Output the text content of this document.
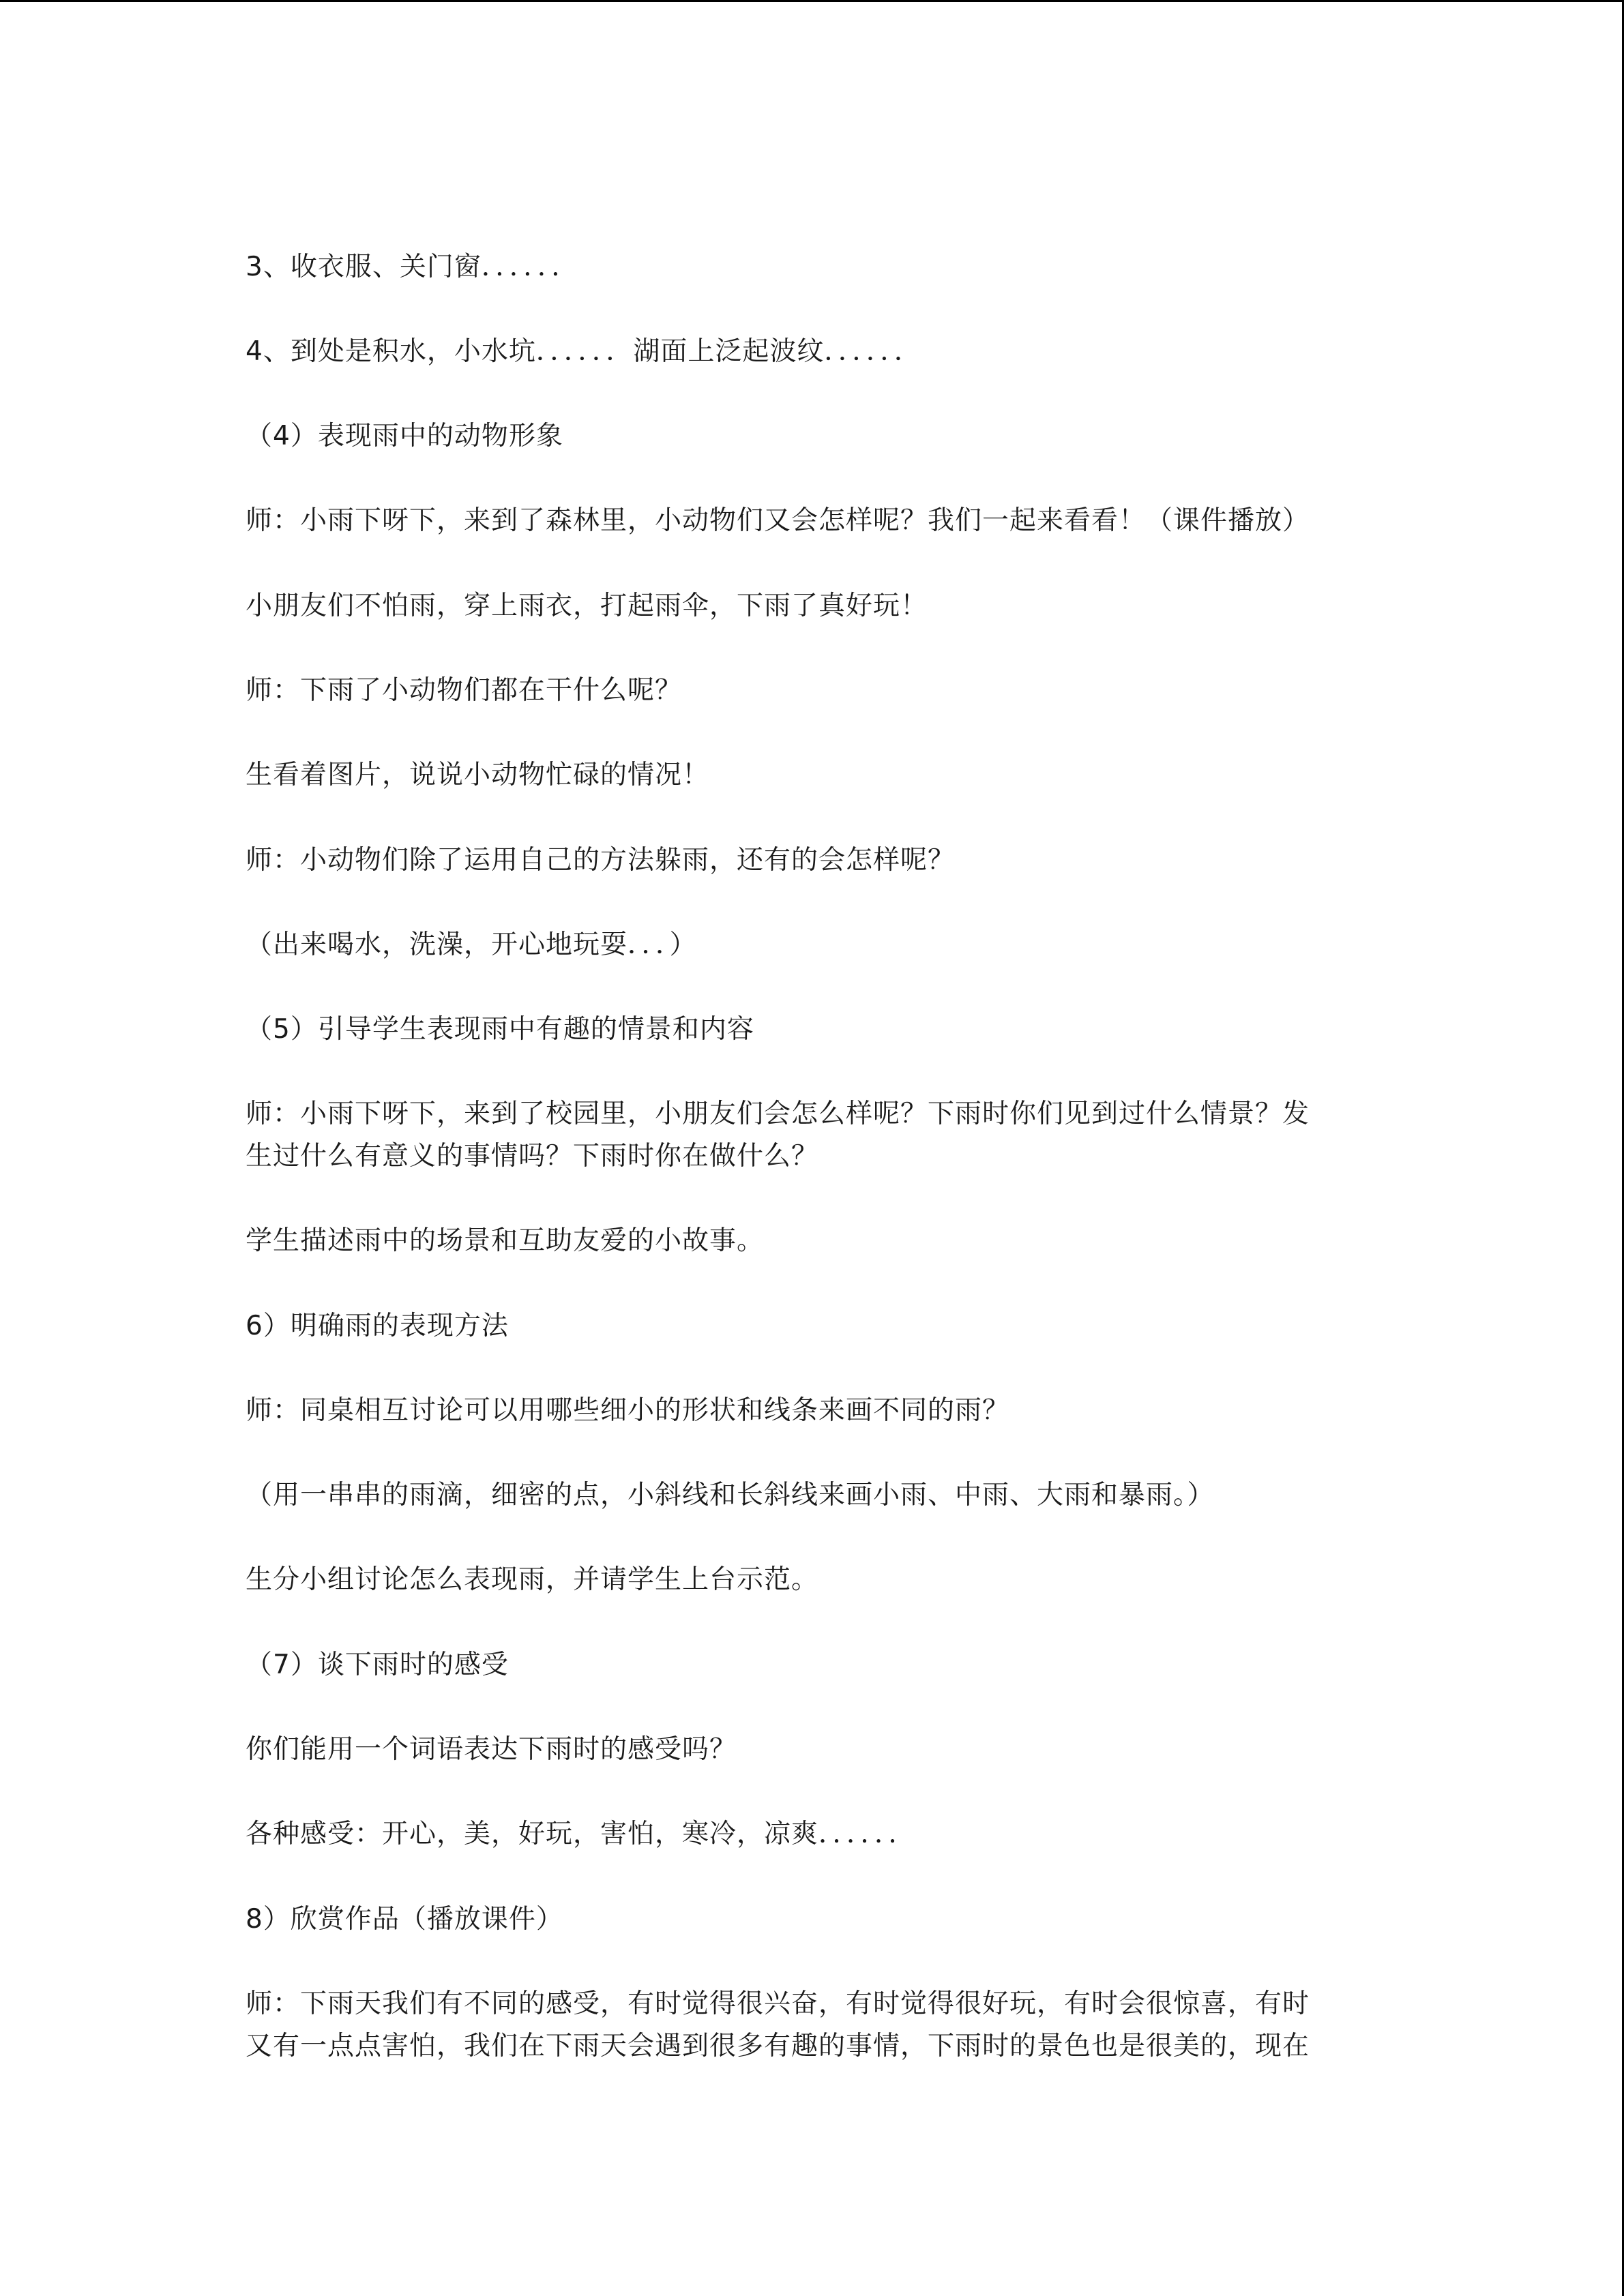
3、收衣服、关门窗．．．．．．
4、到处是积水，小水坑．．．．．．湖面上泛起波纹．．．．．．
（4）表现雨中的动物形象
师：小雨下呀下，来到了森林里，小动物们又会怎样呢？我们一起来看看！（课件播放）
小朋友们不怕雨，穿上雨衣，打起雨伞，下雨了真好玩！
师：下雨了小动物们都在干什么呢？
生看着图片，说说小动物忙碌的情况！
师：小动物们除了运用自己的方法躲雨，还有的会怎样呢？
（出来喝水，洗澡，开心地玩耍．．．）
（5）引导学生表现雨中有趣的情景和内容
师：小雨下呀下，来到了校园里，小朋友们会怎么样呢？下雨时你们见到过什么情景？发
生过什么有意义的事情吗？下雨时你在做什么？
学生描述雨中的场景和互助友爱的小故事。
6）明确雨的表现方法
师：同桌相互讨论可以用哪些细小的形状和线条来画不同的雨？
（用一串串的雨滴，细密的点，小斜线和长斜线来画小雨、中雨、大雨和暴雨。）
生分小组讨论怎么表现雨，并请学生上台示范。
（7）谈下雨时的感受
你们能用一个词语表达下雨时的感受吗？
各种感受：开心，美，好玩，害怕，寒冷，凉爽．．．．．．
8）欣赏作品（播放课件）
师：下雨天我们有不同的感受，有时觉得很兴奋，有时觉得很好玩，有时会很惊喜，有时
又有一点点害怕，我们在下雨天会遇到很多有趣的事情，下雨时的景色也是很美的，现在
